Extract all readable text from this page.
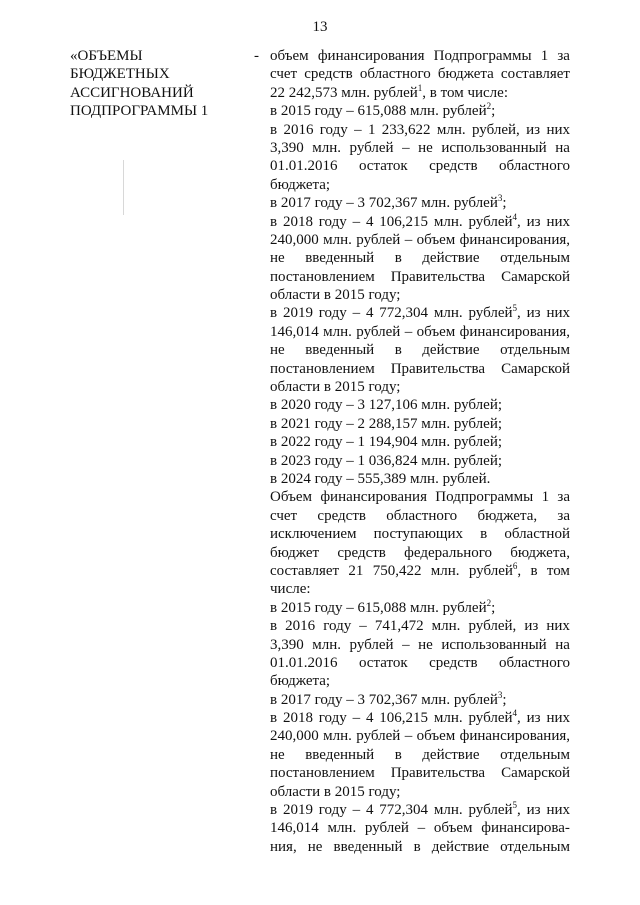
13
«ОБЪЕМЫ
БЮДЖЕТНЫХ
АССИГНОВАНИЙ
ПОДПРОГРАММЫ 1
- объем финансирования Подпрограммы 1 за
счет средств областного бюджета составляет
22 242,573 млн. рублей$^1$, в том числе:
в 2015 году – 615,088 млн. рублей$^2$;
в 2016 году – 1 233,622 млн. рублей, из них
3,390 млн. рублей – не использованный на
01.01.2016 остаток средств областного
бюджета;
в 2017 году – 3 702,367 млн. рублей$^3$;
в 2018 году – 4 106,215 млн. рублей$^4$, из них
240,000 млн. рублей – объем финансирования,
не введенный в действие отдельным
постановлением Правительства Самарской
области в 2015 году;
в 2019 году – 4 772,304 млн. рублей$^5$, из них
146,014 млн. рублей – объем финансирования,
не введенный в действие отдельным
постановлением Правительства Самарской
области в 2015 году;
в 2020 году – 3 127,106 млн. рублей;
в 2021 году – 2 288,157 млн. рублей;
в 2022 году – 1 194,904 млн. рублей;
в 2023 году – 1 036,824 млн. рублей;
в 2024 году – 555,389 млн. рублей.
Объем финансирования Подпрограммы 1 за
счет средств областного бюджета, за
исключением поступающих в областной
бюджет средств федерального бюджета,
составляет 21 750,422 млн. рублей$^6$, в том
числе:
в 2015 году – 615,088 млн. рублей$^2$;
в 2016 году – 741,472 млн. рублей, из них
3,390 млн. рублей – не использованный на
01.01.2016 остаток средств областного
бюджета;
в 2017 году – 3 702,367 млн. рублей$^3$;
в 2018 году – 4 106,215 млн. рублей$^4$, из них
240,000 млн. рублей – объем финансирования,
не введенный в действие отдельным
постановлением Правительства Самарской
области в 2015 году;
в 2019 году – 4 772,304 млн. рублей$^5$, из них
146,014 млн. рублей – объем финансирова-
ния, не введенный в действие отдельным
